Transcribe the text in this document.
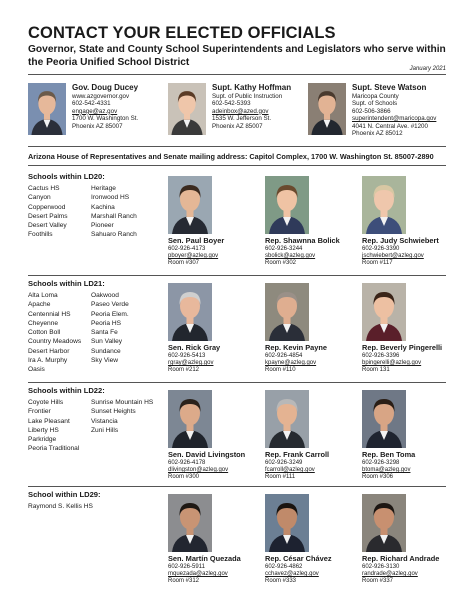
CONTACT YOUR ELECTED OFFICIALS
Governor, State and County School Superintendents and Legislators who serve within the Peoria Unified School District
January 2021
Gov. Doug Ducey
www.azgovernor.gov
602-542-4331
engage@az.gov
1700 W. Washington St.
Phoenix AZ 85007
Supt. Kathy Hoffman
Supt. of Public Instruction
602-542-5393
adeinbox@azed.gov
1535 W. Jefferson St.
Phoenix AZ 85007
Supt. Steve Watson
Maricopa County
Supt. of Schools
602-506-3866
superintendent@maricopa.gov
4041 N. Central Ave. #1200
Phoenix AZ 85012
Arizona House of Representatives and Senate mailing address: Capitol Complex, 1700 W. Washington St. 85007-2890
Schools within LD20:
Cactus HS
Canyon
Copperwood
Desert Palms
Desert Valley
Foothills
Heritage
Ironwood HS
Kachina
Marshall Ranch
Pioneer
Sahuaro Ranch
Sen. Paul Boyer
602-926-4173
pboyer@azleg.gov
Room #307
Rep. Shawnna Bolick
602-926-3244
sbolick@azleg.gov
Room #302
Rep. Judy Schwiebert
602-926-3390
jschwiebert@azleg.gov
Room #117
Schools within LD21:
Alta Loma
Apache
Centennial HS
Cheyenne
Cotton Boll
Country Meadows
Desert Harbor
Ira A. Murphy
Oasis
Oakwood
Paseo Verde
Peoria Elem.
Peoria HS
Santa Fe
Sun Valley
Sundance
Sky View
Sen. Rick Gray
602-926-5413
rgray@azleg.gov
Room #212
Rep. Kevin Payne
602-926-4854
kpayne@azleg.gov
Room #110
Rep. Beverly Pingerelli
602-926-3396
bpingerelli@azleg.gov
Room 131
Schools within LD22:
Coyote Hills
Frontier
Lake Pleasant
Liberty HS
Parkridge
Peoria Traditional
Sunrise Mountain HS
Sunset Heights
Vistancia
Zuni Hills
Sen. David Livingston
602-926-4178
dlivingston@azleg.gov
Room #300
Rep. Frank Carroll
602-926-3249
fcarroll@azleg.gov
Room #111
Rep. Ben Toma
602-926-3298
btoma@azleg.gov
Room #306
School within LD29:
Raymond S. Kellis HS
Sen. Martín Quezada
602-926-5911
mquezada@azleg.gov
Room #312
Rep. César Chávez
602-926-4862
cchavez@azleg.gov
Room #333
Rep. Richard Andrade
602-926-3130
randrade@azleg.gov
Room #337
